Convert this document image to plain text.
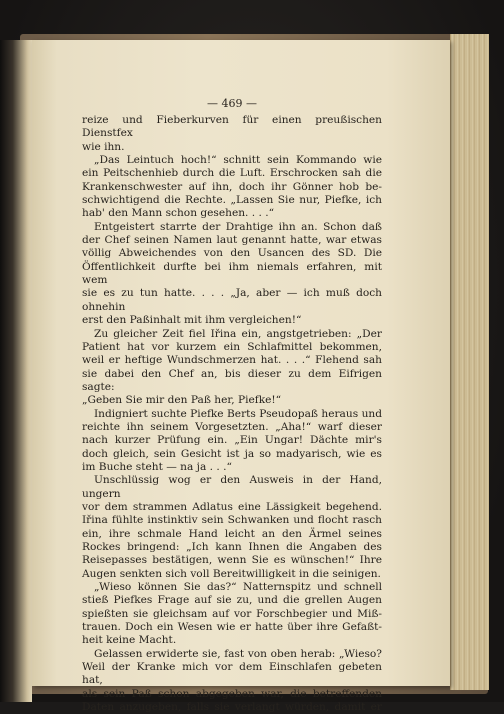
— 469 —

reize und Fieberkurven für einen preußischen Dienstfex

wie ihn.

„Das Leintuch hoch!“ schnitt sein Kommando wie

ein Peitschenhieb durch die Luft. Erschrocken sah die

Krankenschwester auf ihn, doch ihr Gönner hob be-

schwichtigend die Rechte. „Lassen Sie nur, Piefke, ich

hab' den Mann schon gesehen. . . .“

Entgeistert starrte der Drahtige ihn an. Schon daß

der Chef seinen Namen laut genannt hatte, war etwas

völlig Abweichendes von den Usancen des SD. Die

Öffentlichkeit durfte bei ihm niemals erfahren, mit wem

sie es zu tun hatte. . . . „Ja, aber — ich muß doch ohnehin

erst den Paßinhalt mit ihm vergleichen!“

Zu gleicher Zeit fiel Iřina ein, angstgetrieben: „Der

Patient hat vor kurzem ein Schlafmittel bekommen,

weil er heftige Wundschmerzen hat. . . .“ Flehend sah

sie dabei den Chef an, bis dieser zu dem Eifrigen sagte:

„Geben Sie mir den Paß her, Piefke!“

Indigniert suchte Piefke Berts Pseudopaß heraus und

reichte ihn seinem Vorgesetzten. „Aha!“ warf dieser

nach kurzer Prüfung ein. „Ein Ungar! Dächte mir's

doch gleich, sein Gesicht ist ja so madyarisch, wie es

im Buche steht — na ja . . .“

Unschlüssig wog er den Ausweis in der Hand, ungern

vor dem strammen Adlatus eine Lässigkeit begehend.

Iřina fühlte instinktiv sein Schwanken und flocht rasch

ein, ihre schmale Hand leicht an den Ärmel seines

Rockes bringend: „Ich kann Ihnen die Angaben des

Reisepasses bestätigen, wenn Sie es wünschen!“ Ihre

Augen senkten sich voll Bereitwilligkeit in die seinigen.

„Wieso können Sie das?“ Natternspitz und schnell

stieß Piefkes Frage auf sie zu, und die grellen Augen

spießten sie gleichsam auf vor Forschbegier und Miß-

trauen. Doch ein Wesen wie er hatte über ihre Gefaßt-

heit keine Macht.

Gelassen erwiderte sie, fast von oben herab: „Wieso?

Weil der Kranke mich vor dem Einschlafen gebeten hat,

als sein Paß schon abgegeben war, die betreffenden

Daten anzugeben, falls sie verlangt würden, damit er
